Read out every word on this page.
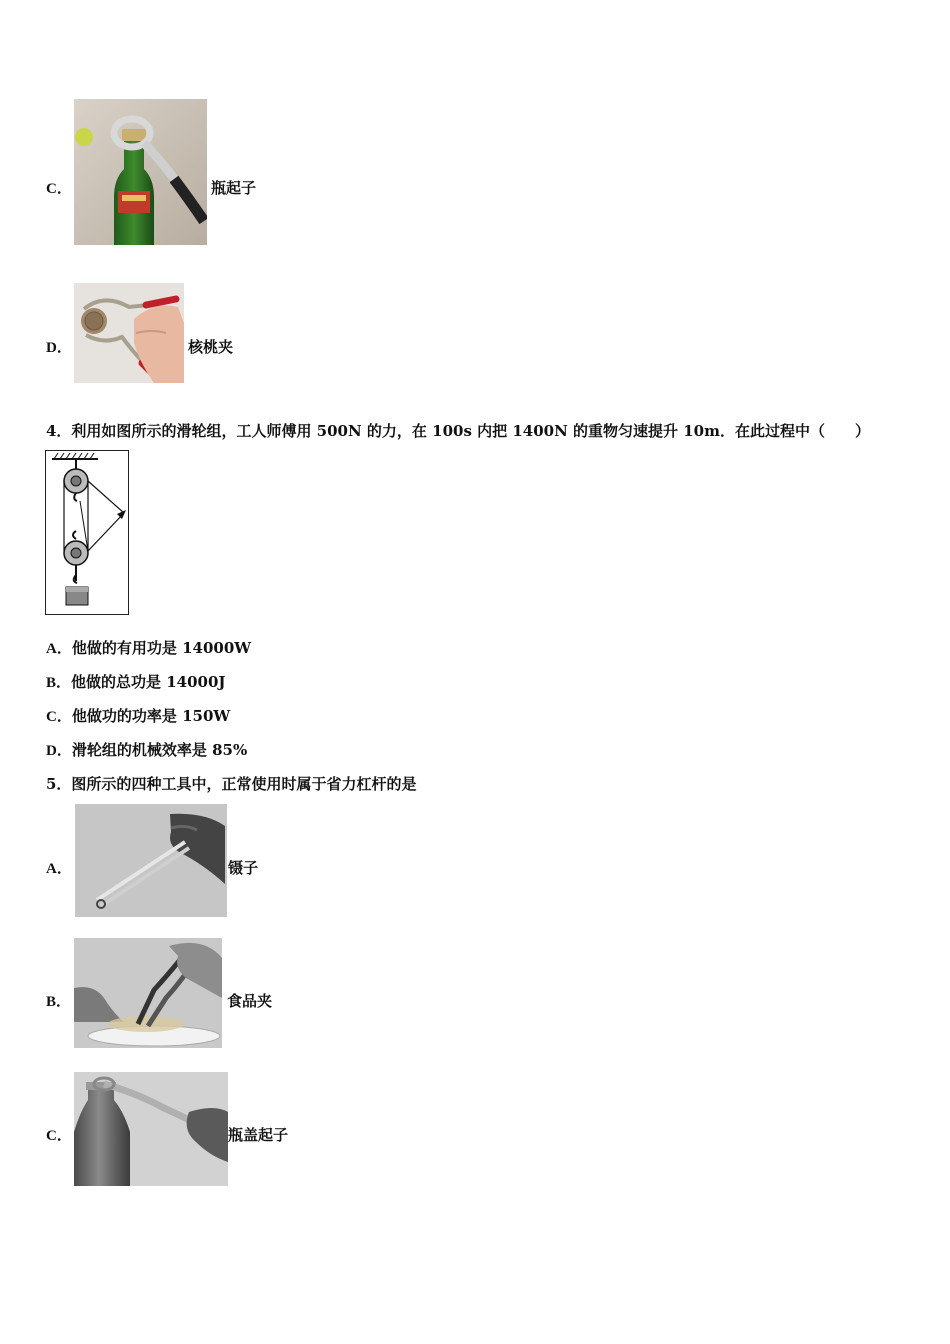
C．	瓶起子
D．	核桃夹
4．利用如图所示的滑轮组，工人师傅用 500N 的力，在 100s 内把 1400N 的重物匀速提升 10m．在此过程中（　　）
A．他做的有用功是 14000W
B．他做的总功是 14000J
C．他做功的功率是 150W
D．滑轮组的机械效率是 85%
5．图所示的四种工具中，正常使用时属于省力杠杆的是
A．	镊子
B．	食品夹
C．	瓶盖起子
